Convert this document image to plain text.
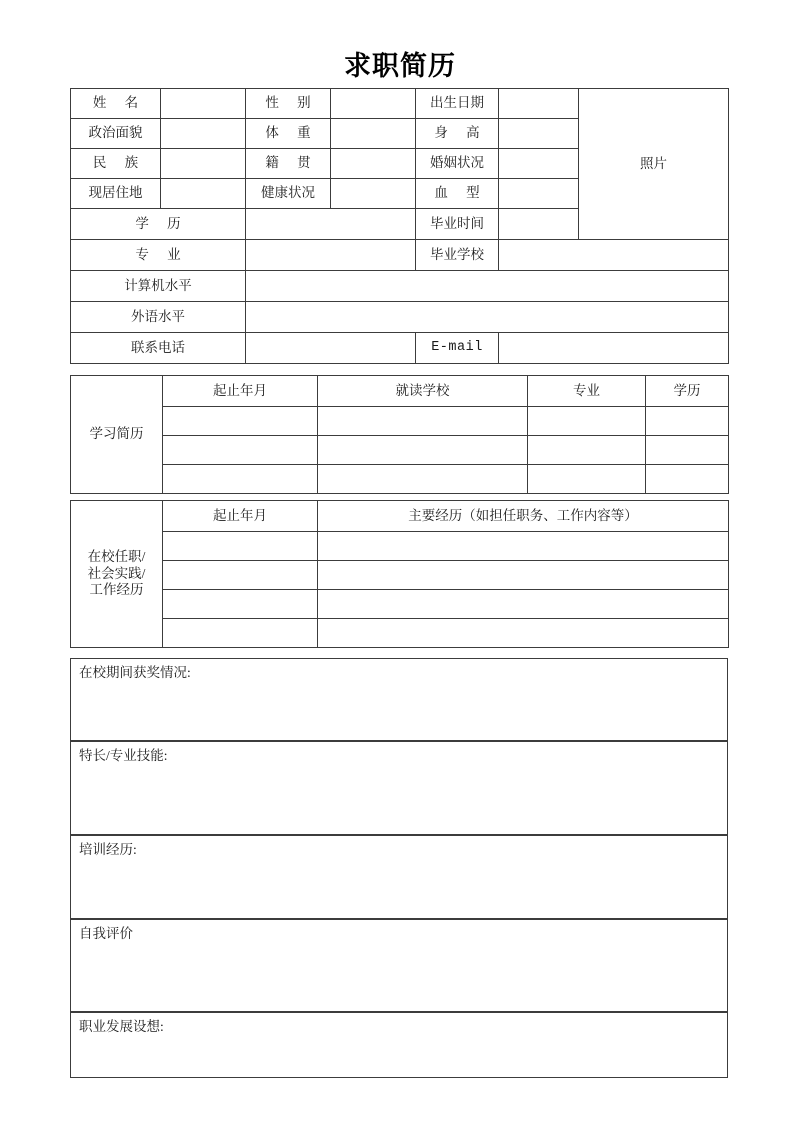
求职简历
姓 名		性 别		出生日期		照片
政治面貌		体 重		身 高		
民 族		籍 贯		婚姻状况		
现居住地		健康状况		血 型		
学 历				毕业时间		
专 业				毕业学校		
计算机水平						
外语水平						
联系电话				E-mail		
学习简历	起止年月	就读学校	专业	学历

在校任职/
社会实践/
工作经历	起止年月	主要经历（如担任职务、工作内容等）

在校期间获奖情况:
特长/专业技能:
培训经历:
自我评价
职业发展设想:
